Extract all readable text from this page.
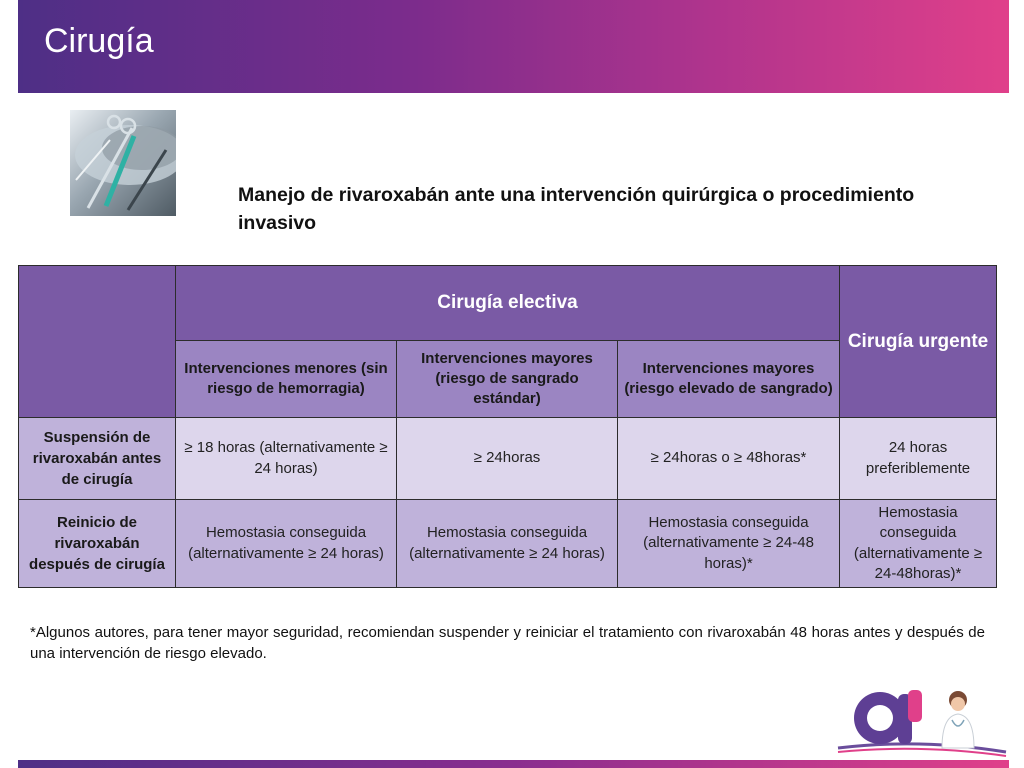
Cirugía
Manejo de rivaroxabán ante una intervención quirúrgica o procedimiento invasivo
	Cirugía electiva			Cirugía urgente
	Intervenciones menores (sin riesgo de hemorragia)	Intervenciones mayores (riesgo de sangrado estándar)	Intervenciones mayores (riesgo elevado de sangrado)	
Suspensión de rivaroxabán antes de cirugía	≥ 18 horas (alternativamente ≥ 24 horas)	≥ 24horas	≥ 24horas o ≥ 48horas*	24 horas preferiblemente
Reinicio de rivaroxabán después de cirugía	Hemostasia conseguida (alternativamente ≥ 24 horas)	Hemostasia conseguida (alternativamente ≥ 24 horas)	Hemostasia conseguida (alternativamente ≥ 24-48 horas)*	Hemostasia conseguida (alternativamente ≥ 24-48horas)*
*Algunos autores, para tener mayor seguridad, recomiendan suspender y reiniciar el tratamiento con rivaroxabán 48 horas antes y después de una intervención de riesgo elevado.
